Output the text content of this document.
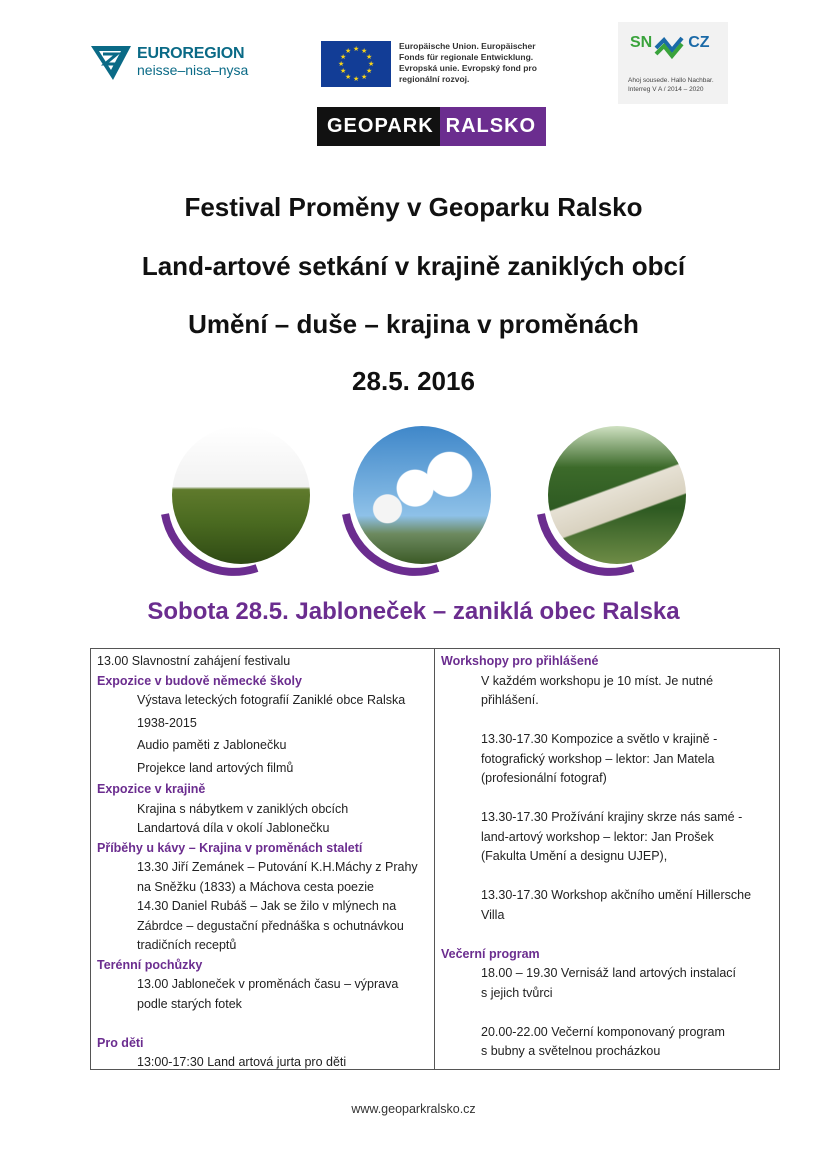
EUROREGION
neisse–nisa–nysa
★ ★
★
★
★
★
★
★
★
★
★
★
Europäische Union. Europäischer Fonds für regionale Entwicklung. Evropská unie. Evropský fond pro regionální rozvoj.
SN CZ
Ahoj sousede. Hallo Nachbar.
Interreg V A / 2014 – 2020
GEOPARK RALSKO
Festival Proměny v Geoparku Ralsko
Land-artové setkání v krajině zaniklých obcí
Umění – duše – krajina v proměnách
28.5. 2016
Sobota 28.5. Jabloneček – zaniklá obec Ralska
13.00 Slavnostní zahájení festivalu
Expozice v budově německé školy
Výstava leteckých fotografií Zaniklé obce Ralska
1938-2015
Audio paměti z Jablonečku
Projekce land artových filmů
Expozice v krajině
Krajina s nábytkem v zaniklých obcích
Landartová díla v okolí Jablonečku
Příběhy u kávy – Krajina v proměnách staletí
13.30 Jiří Zemánek – Putování K.H.Máchy z Prahy
na Sněžku (1833) a Máchova cesta poezie
14.30 Daniel Rubáš – Jak se žilo v mlýnech na
Zábrdce – degustační přednáška s ochutnávkou
tradičních receptů
Terénní pochůzky
13.00 Jabloneček v proměnách času – výprava
podle starých fotek
Pro děti
13:00-17:30 Land artová jurta pro děti
Workshopy pro přihlášené
V každém workshopu je 10 míst. Je nutné
přihlášení.
13.30-17.30 Kompozice a světlo v krajině -
fotografický workshop – lektor: Jan Matela
(profesionální fotograf)
13.30-17.30 Prožívání krajiny skrze nás samé -
land-artový workshop – lektor: Jan Prošek
(Fakulta Umění a designu UJEP),
13.30-17.30 Workshop akčního umění Hillersche
Villa
Večerní program
18.00 – 19.30 Vernisáž land artových instalací
s jejich tvůrci
20.00-22.00 Večerní komponovaný program
s bubny a světelnou procházkou
www.geoparkralsko.cz
